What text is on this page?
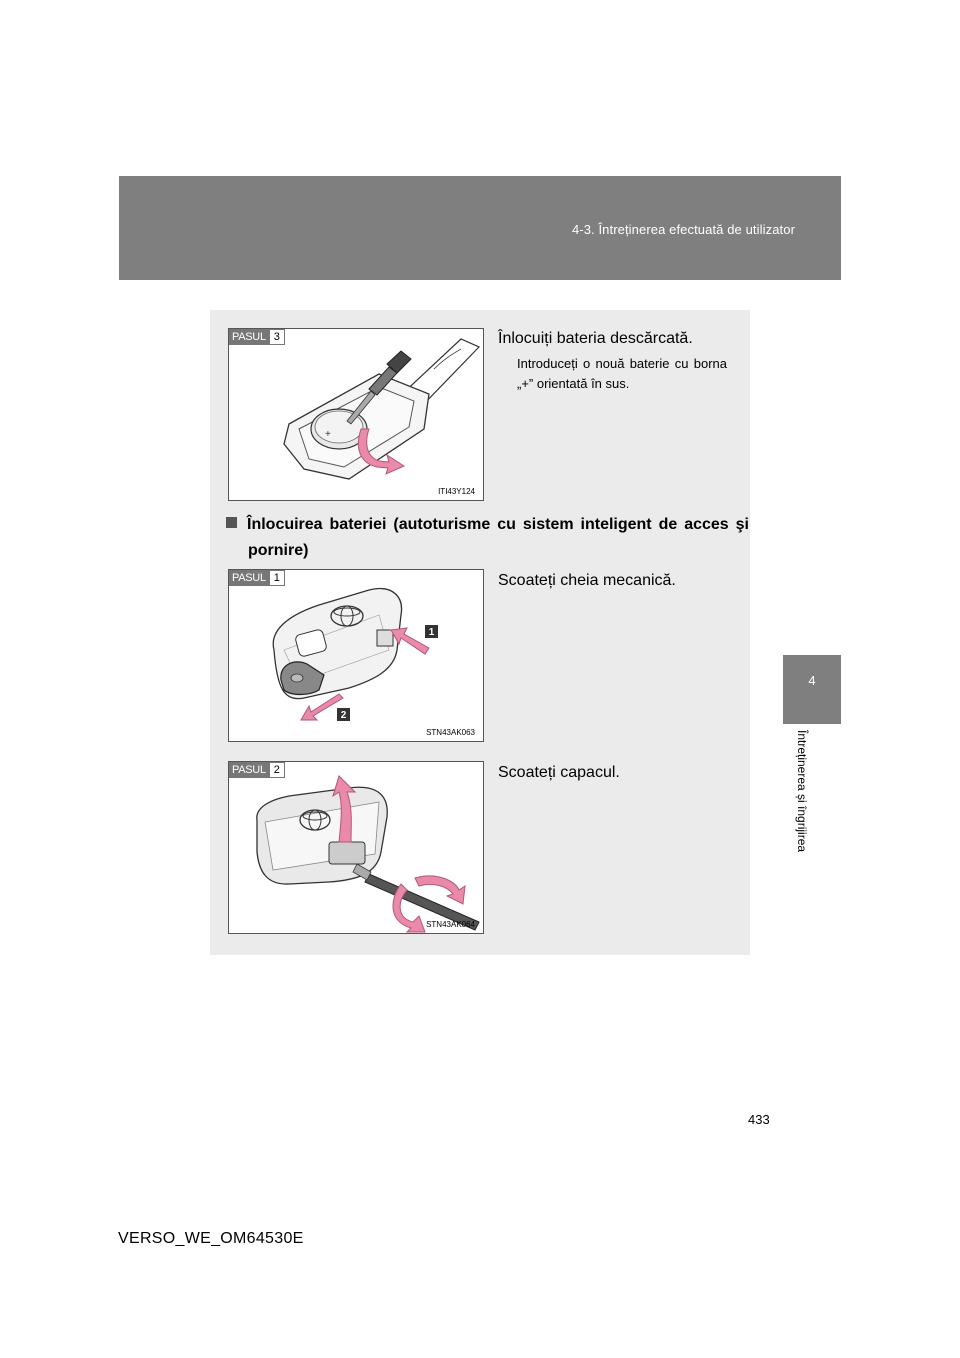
4-3. Întreținerea efectuată de utilizator
4
Întreținerea și îngrijirea
PASUL 3
+
ITI43Y124
Înlocuiți bateria descărcată.
Introduceți o nouă baterie cu borna „+” orientată în sus.
Înlocuirea bateriei (autoturisme cu sistem inteligent de acces şi pornire)
PASUL 1
1
2
STN43AK063
Scoateți cheia mecanică.
PASUL 2
STN43AK064
Scoateți capacul.
433
VERSO_WE_OM64530E
